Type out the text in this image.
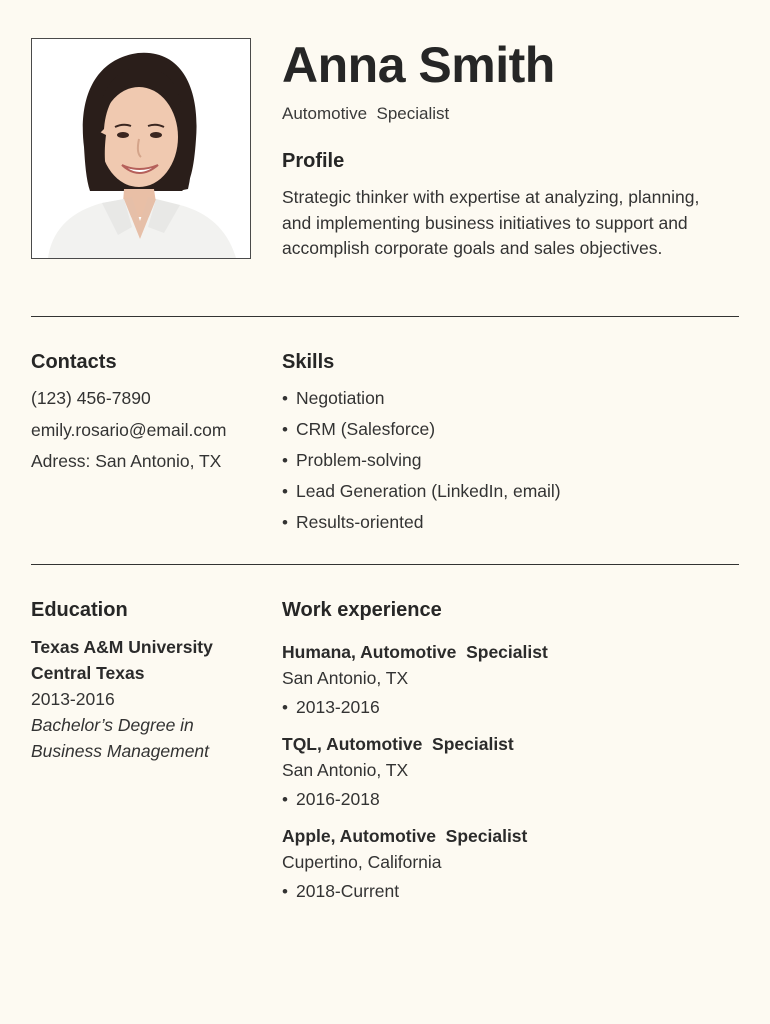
Anna Smith
Automotive  Specialist
Profile

Strategic thinker with expertise at analyzing, planning, and implementing business initiatives to support and accomplish corporate goals and sales objectives.

Contacts
(123) 456-7890
emily.rosario@email.com
Adress: San Antonio, TX
Skills
• Negotiation
• CRM (Salesforce)
• Problem-solving
• Lead Generation (LinkedIn, email)
• Results-oriented
Education
Texas A&M University
Central Texas
2013-2016
Bachelor’s Degree in
Business Management
Work experience
Humana, Automotive  Specialist
San Antonio, TX
• 2013-2016
TQL, Automotive  Specialist
San Antonio, TX
• 2016-2018
Apple, Automotive  Specialist
Cupertino, California
• 2018-Current
